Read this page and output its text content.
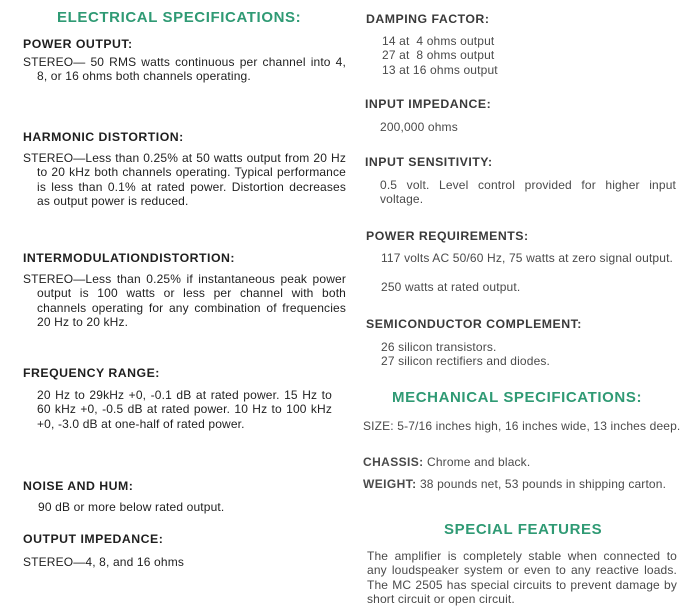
ELECTRICAL SPECIFICATIONS:
POWER OUTPUT:

STEREO— 50 RMS watts continuous per channel into 4, 8, or 16 ohms both channels operating.

HARMONIC DISTORTION:

STEREO—Less than 0.25% at 50 watts output from 20 Hz to 20 kHz both channels operating. Typical performance is less than 0.1% at rated power. Distortion decreases as output power is reduced.

INTERMODULATIONDISTORTION:

STEREO—Less than 0.25% if instantaneous peak power output is 100 watts or less per channel with both channels operating for any combination of frequencies 20 Hz to 20 kHz.

FREQUENCY RANGE:

20 Hz to 29kHz +0, -0.1 dB at rated power. 15 Hz to 60 kHz +0, -0.5 dB at rated power. 10 Hz to 100 kHz +0, -3.0 dB at one-half of rated power.

NOISE AND HUM:

90 dB or more below rated output.

OUTPUT IMPEDANCE:

STEREO—4, 8, and 16 ohms

DAMPING FACTOR:
14 at  4 ohms output
27 at  8 ohms output
13 at 16 ohms output
INPUT IMPEDANCE:

200,000 ohms

INPUT SENSITIVITY:

0.5 volt. Level control provided for higher input voltage.

POWER REQUIREMENTS:

117 volts AC 50/60 Hz, 75 watts at zero signal output.

250 watts at rated output.

SEMICONDUCTOR COMPLEMENT:
26 silicon transistors.
27 silicon rectifiers and diodes.
MECHANICAL SPECIFICATIONS:

SIZE: 5-7/16 inches high, 16 inches wide, 13 inches deep.

CHASSIS: Chrome and black.

WEIGHT: 38 pounds net, 53 pounds in shipping carton.

SPECIAL FEATURES

The amplifier is completely stable when connected to any loudspeaker system or even to any reactive loads. The MC 2505 has special circuits to prevent damage by short circuit or open circuit.
